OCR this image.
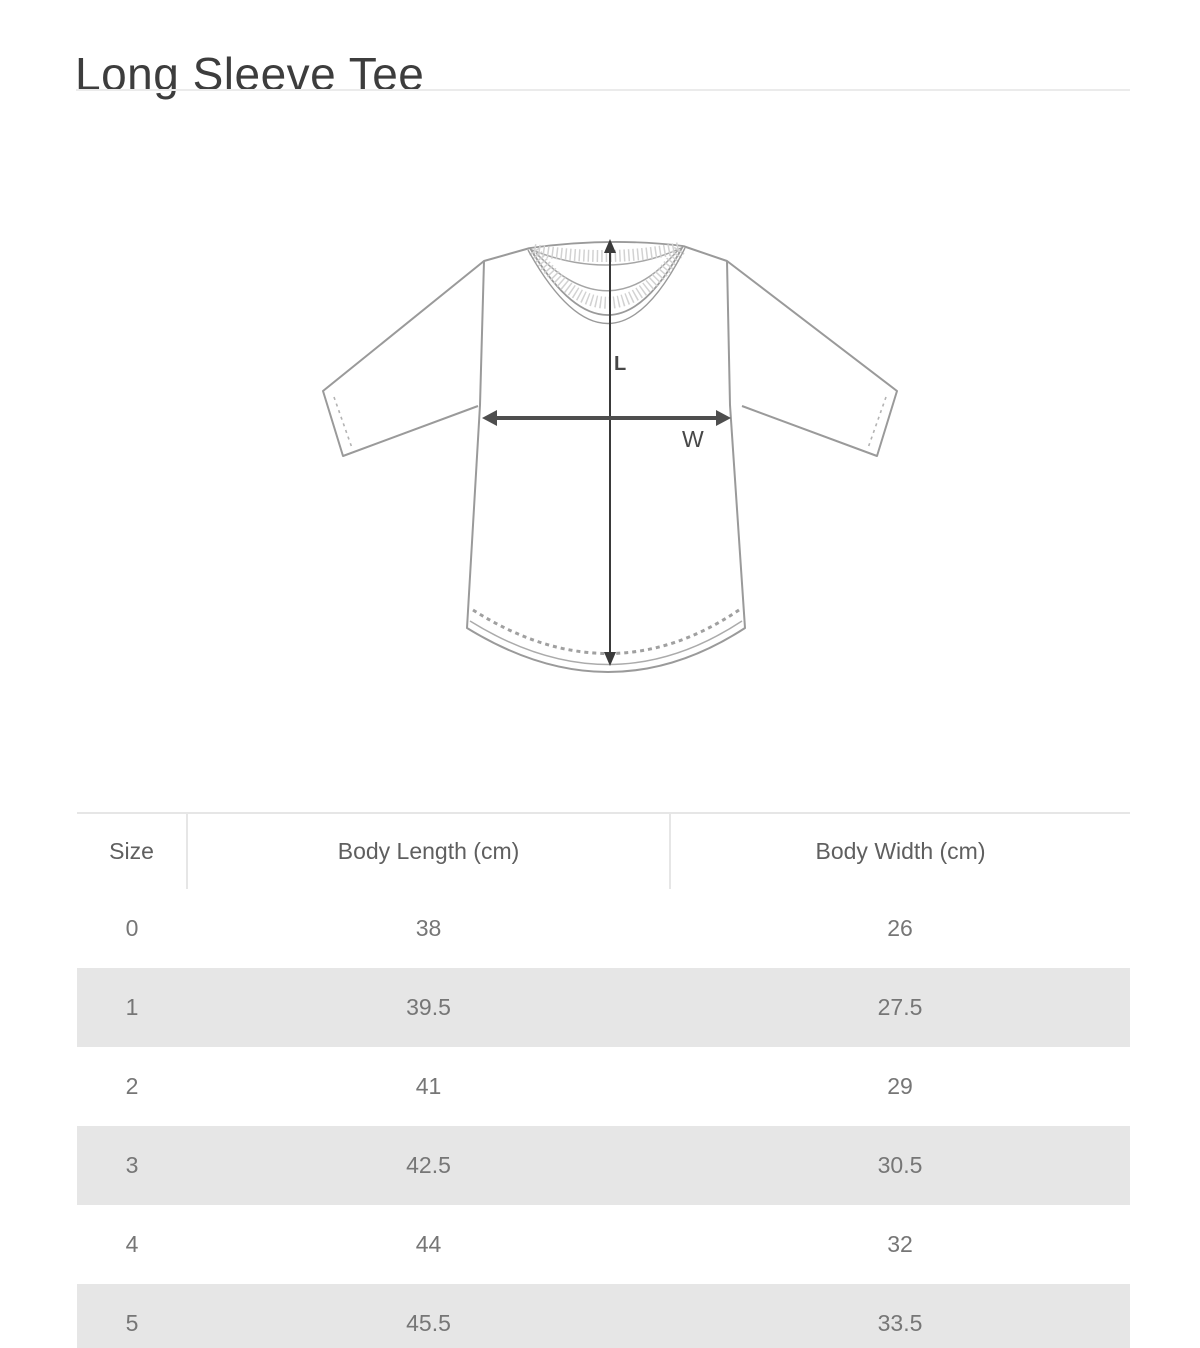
Long Sleeve Tee
L
W
Size	Body Length (cm)	Body Width (cm)
0	38	26
1	39.5	27.5
2	41	29
3	42.5	30.5
4	44	32
5	45.5	33.5
